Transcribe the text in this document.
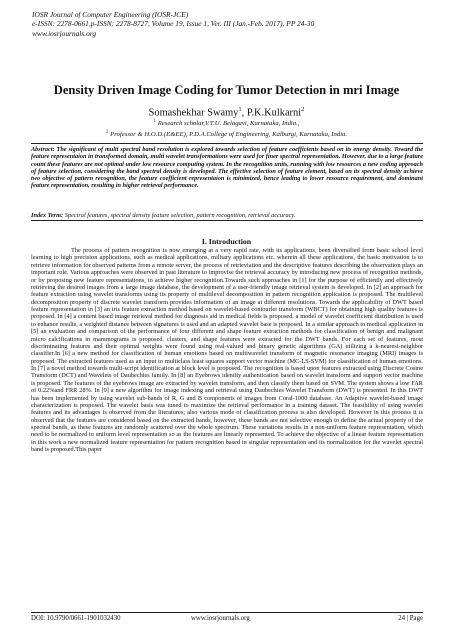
IOSR Journal of Computer Engineering (IOSR-JCE)
e-ISSN: 2278-0661,p-ISSN: 2278-8727, Volume 19, Issue 1, Ver. III (Jan.-Feb. 2017), PP 24-30
www.iosrjournals.org
Density Driven Image Coding for Tumor Detection in mri Image
Somashekhar Swamy$^1$, P.K.Kulkarni$^2$
$^1$ Research scholar,V.T.U. Belagavi, Karnataka, India.,
$^2$ Professor & H.O.D.(E&EE), P.D.A.College of Engineering, Kalburgi, Karnataka, India.

Abstract: The significant of multi spectral band resolution is explored towards selection of feature coefficients based on its energy density. Toward the feature representaion in transformed domain, multi wavelet transformations were used for finer spectral representation. However, due to a large feature count these features are not optimal under low resource computing system. In the recognition units, running with low resources a new coding approach of feature selection, considering the band spectral density is developed. The effective selection of feature element, based on its spectral density achieve two objective of pattern recognition, the feature coefficient representaion is minimized, hence leading to lower resource requirement, and dominant feature representation, resulting in higher retrieval performance.

Index Term: Spectral features, spectral density feature selection, pattern recognition, retrieval accuracy.

I. Introduction

The process of pattern recognition is now emerging at a very rapid rate, with its applications, been diversified from basic school level learning to high precision applications, such as medical applications, military applications etc. wherein all these applications, the basic motivation is to retrieve information for observed patterns from a remote server, the process of retrieviation and the descriptive features describing the observation plays an important role. Various approaches were observed in past literature to improvise the retrieval accuracy by introducing new process of recognition methods, or by proposing new feature representations, to achieve higher recognition.Towards such approaches in [1] for the purpose of efficiently and effectively retrieving the desired images from a large image database, the development of a user-friendly image retrieval system is developed. In [2] an approach for feature extraction using wavelet transforms using its property of multilevel decomposition in pattern recognition application is proposed. The multilevel decomposition property of discrete wavelet transform provides information of an image at different resolutions. Towards the applicability of DWT based feature representation in [3] an iris feature extraction method based on wavelet-based contourlet transform (WBCT) for obtaining high quality features is proposed. In [4] a content based image retrieval method for diagnosis aid in medical fields is proposed. a model of wavelet coefficient distribution is used to enhance results, a weighted distance between signatures is used and an adapted wavelet base is proposed. In a similar approach to medical application in [5] an evaluation and comparison of the performance of four different and shape feature extraction methods for classification of benign and malignant micro calcifications in mammograms is proposed. clusters, and shape features were extracted for the DWT bands. For each set of features, most discriminating features and their optimal weights were found using real-valued and binary genetic algorithms (GA) utilizing a k-nearest-neighbor classifier.In [6] a new method for classification of human emotions based on multiwavelet transform of magnetic resonance imaging (MRI) images is proposed. The extracted features used as an input to multiclass least squares support vector machine (MC-LS-SVM) for classification of human emotions. In [7] a novel method towards multi-script identification at block level is proposed. The recognition is based upon features extracted using Discrete Cosine Transform (DCT) and Wavelets of Daubechies family. In [8] an Eyebrows identity authentication based on wavelet transform and support vector machine is proposed. The features of the eyebrows image are extracted by wavelet transform, and then classify them based on SVM. The system shows a low FAR of 0.22%and FRR 28%. In [9] a new algorithm for image indexing and retrieval using Daubechies Wavelet Transform (DWT) is presented. In this DWT has been implemented by using wavelet sub-bands of R, G and B components of images from Coral-1000 database. An Adaptive wavelet-based image characterization is proposed. The wavelet basis was tuned to maximize the retrieval performance in a training dataset. The feasibility of using wavelet features and its advantages is observed from the literatures; also various mode of classification process is also developed. However in this process it is observed that the features are considered based on the extracted bands, however, these bands are not selective enough to define the actual property of the spectral bands, as these features are randomly scattered over the whole spectrum. These variations results in a non-uniform feature representation, which need to be normalized to uniform level representation so as the features are linearly represented. To achieve the objective of a linear feature representation in this work a new normalized feature representation for pattern recognition based in singular representation and its normalization for the wavelet spectral band is proposed.This paper

DOI: 10.9790/0661-1901032430	www.iosrjournals.org	24 | Page
